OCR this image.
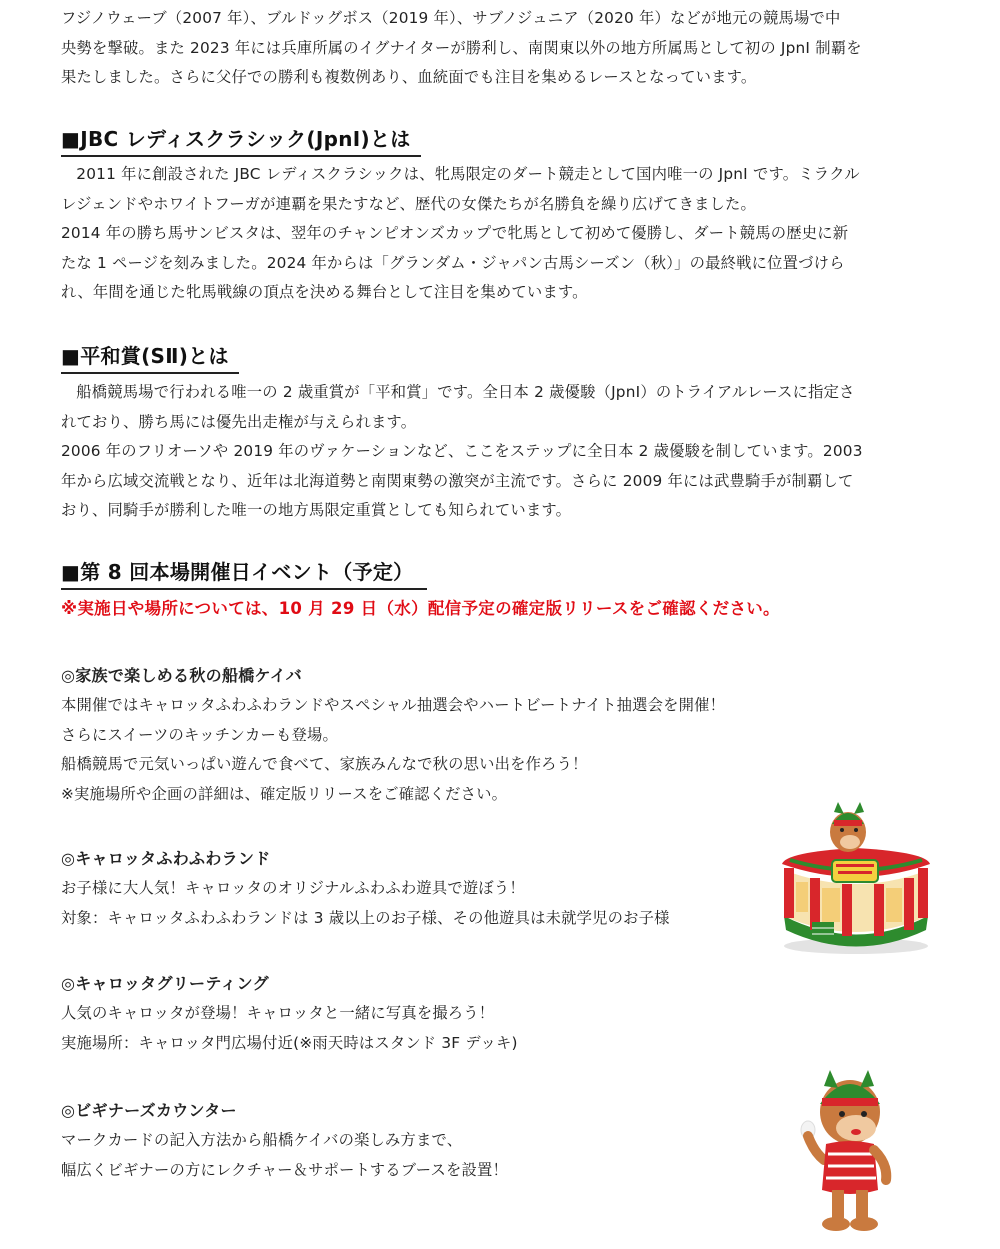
フジノウェーブ（2007 年）、ブルドッグボス（2019 年）、サブノジュニア（2020 年）などが地元の競馬場で中

央勢を撃破。また 2023 年には兵庫所属のイグナイターが勝利し、南関東以外の地方所属馬として初の JpnⅠ 制覇を

果たしました。さらに父仔での勝利も複数例あり、血統面でも注目を集めるレースとなっています。

■JBC レディスクラシック(JpnⅠ)とは

2011 年に創設された JBC レディスクラシックは、牝馬限定のダート競走として国内唯一の JpnⅠ です。ミラクル

レジェンドやホワイトフーガが連覇を果たすなど、歴代の女傑たちが名勝負を繰り広げてきました。

2014 年の勝ち馬サンビスタは、翌年のチャンピオンズカップで牝馬として初めて優勝し、ダート競馬の歴史に新

たな 1 ページを刻みました。2024 年からは「グランダム・ジャパン古馬シーズン（秋）」の最終戦に位置づけら

れ、年間を通じた牝馬戦線の頂点を決める舞台として注目を集めています。

■平和賞(SⅡ)とは

船橋競馬場で行われる唯一の 2 歳重賞が「平和賞」です。全日本 2 歳優駿（JpnⅠ）のトライアルレースに指定さ

れており、勝ち馬には優先出走権が与えられます。

2006 年のフリオーソや 2019 年のヴァケーションなど、ここをステップに全日本 2 歳優駿を制しています。2003

年から広域交流戦となり、近年は北海道勢と南関東勢の激突が主流です。さらに 2009 年には武豊騎手が制覇して

おり、同騎手が勝利した唯一の地方馬限定重賞としても知られています。

■第 8 回本場開催日イベント（予定）

※実施日や場所については、10 月 29 日（水）配信予定の確定版リリースをご確認ください。

◎家族で楽しめる秋の船橋ケイバ

本開催ではキャロッタふわふわランドやスペシャル抽選会やハートビートナイト抽選会を開催！

さらにスイーツのキッチンカーも登場。

船橋競馬で元気いっぱい遊んで食べて、家族みんなで秋の思い出を作ろう！

※実施場所や企画の詳細は、確定版リリースをご確認ください。

◎キャロッタふわふわランド

お子様に大人気！キャロッタのオリジナルふわふわ遊具で遊ぼう！

対象：キャロッタふわふわランドは 3 歳以上のお子様、その他遊具は未就学児のお子様

◎キャロッタグリーティング

人気のキャロッタが登場！キャロッタと一緒に写真を撮ろう！

実施場所：キャロッタ門広場付近(※雨天時はスタンド 3F デッキ)

◎ビギナーズカウンター

マークカードの記入方法から船橋ケイバの楽しみ方まで、

幅広くビギナーの方にレクチャー＆サポートするブースを設置！
